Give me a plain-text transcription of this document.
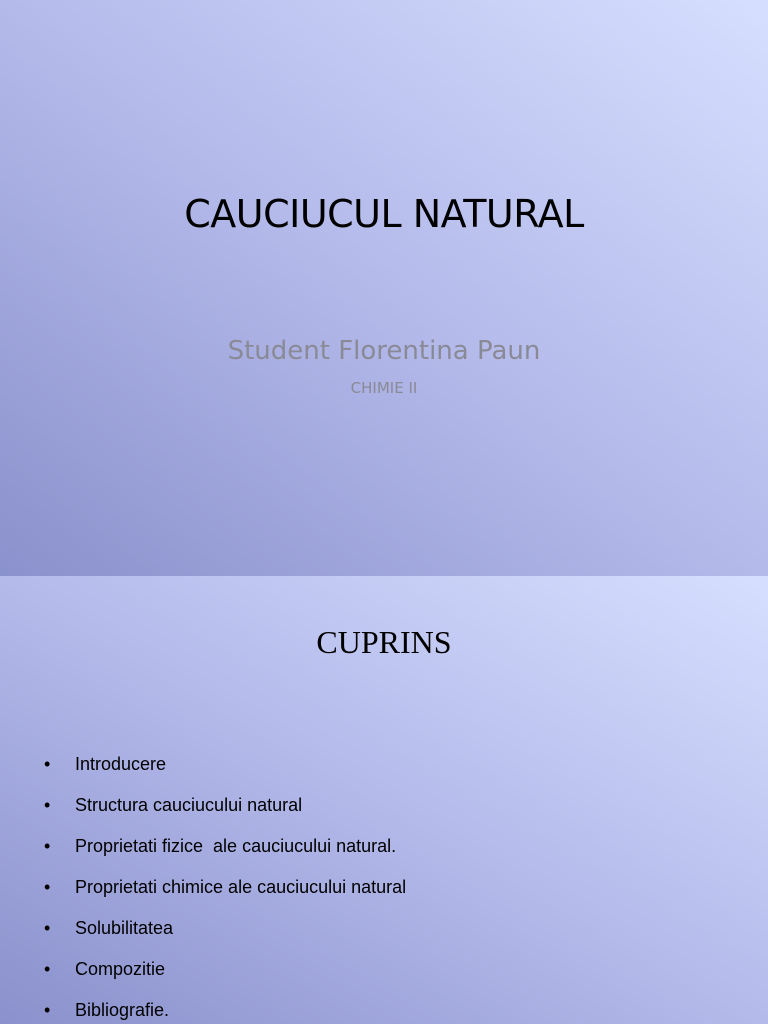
CAUCIUCUL NATURAL
Student Florentina Paun
CHIMIE II
CUPRINS
• Introducere
• Structura cauciucului natural
• Proprietati fizice  ale cauciucului natural.
• Proprietati chimice ale cauciucului natural
• Solubilitatea
• Compozitie
• Bibliografie.
